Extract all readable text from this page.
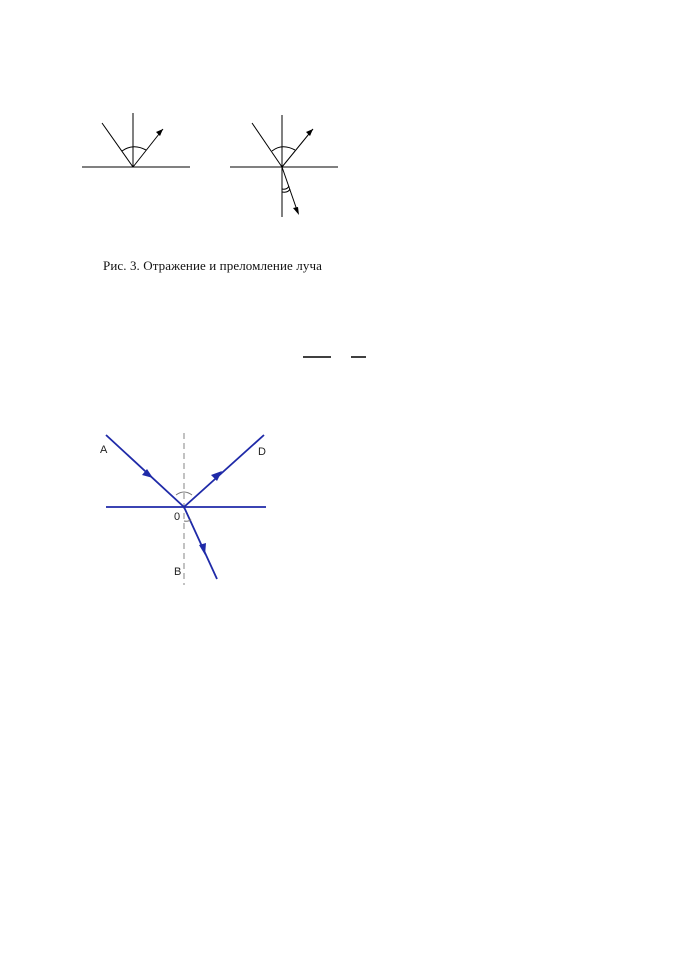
Рис. 3. Отражение и преломление луча
A	D
0
B
